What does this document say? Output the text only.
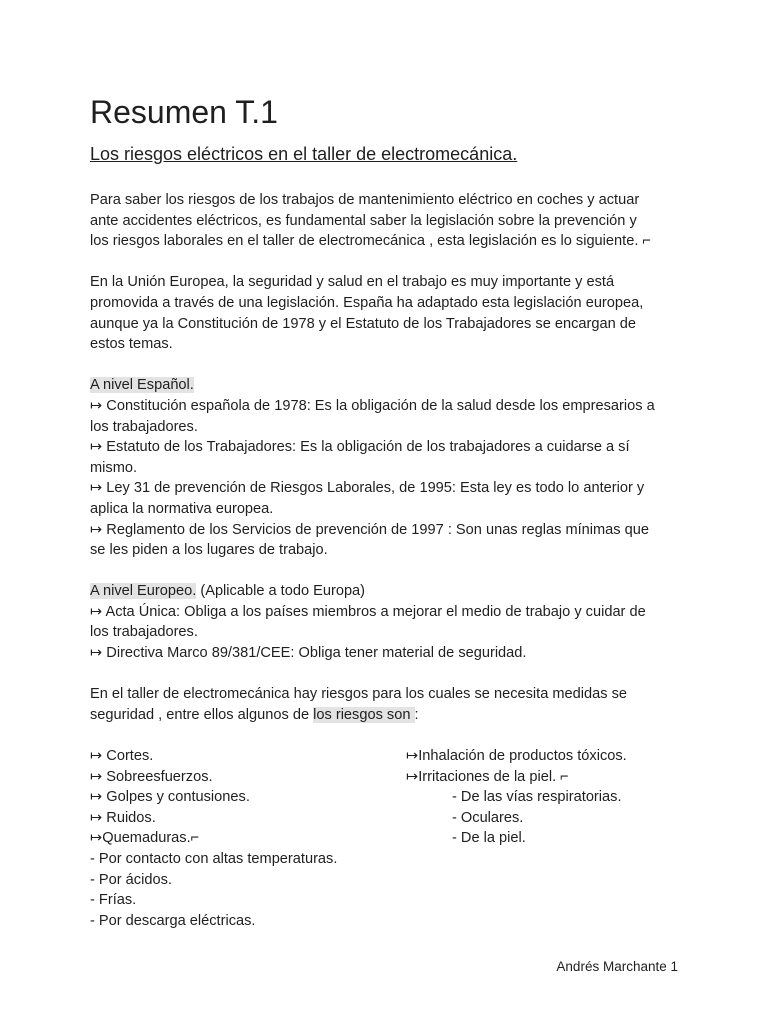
Resumen T.1
Los riesgos eléctricos en el taller de electromecánica.
Para saber los riesgos de los trabajos de mantenimiento eléctrico en coches y actuar
ante accidentes eléctricos, es fundamental saber la legislación sobre la prevención y
los riesgos laborales en el taller de electromecánica , esta legislación es lo siguiente. ⌐
En la Unión Europea, la seguridad y salud en el trabajo es muy importante y está
promovida a través de una legislación. España ha adaptado esta legislación europea,
aunque ya la Constitución de 1978 y el Estatuto de los Trabajadores se encargan de
estos temas.
A nivel Español.
↦ Constitución española de 1978: Es la obligación de la salud desde los empresarios a
los trabajadores.
↦ Estatuto de los Trabajadores: Es la obligación de los trabajadores a cuidarse a sí
mismo.
↦ Ley 31 de prevención de Riesgos Laborales, de 1995: Esta ley es todo lo anterior y
aplica la normativa europea.
↦ Reglamento de los Servicios de prevención de 1997 : Son unas reglas mínimas que
se les piden a los lugares de trabajo.
A nivel Europeo. (Aplicable a todo Europa)
↦ Acta Única: Obliga a los países miembros a mejorar el medio de trabajo y cuidar de
los trabajadores.
↦ Directiva Marco 89/381/CEE: Obliga tener material de seguridad.
En el taller de electromecánica hay riesgos para los cuales se necesita medidas se
seguridad , entre ellos algunos de los riesgos son :
↦ Cortes.
↦ Sobreesfuerzos.
↦ Golpes y contusiones.
↦ Ruidos.
↦Quemaduras.⌐
- Por contacto con altas temperaturas.
- Por ácidos.
- Frías.
- Por descarga eléctricas.
↦Inhalación de productos tóxicos.
↦Irritaciones de la piel. ⌐
- De las vías respiratorias.
- Oculares.
- De la piel.
Andrés Marchante 1
